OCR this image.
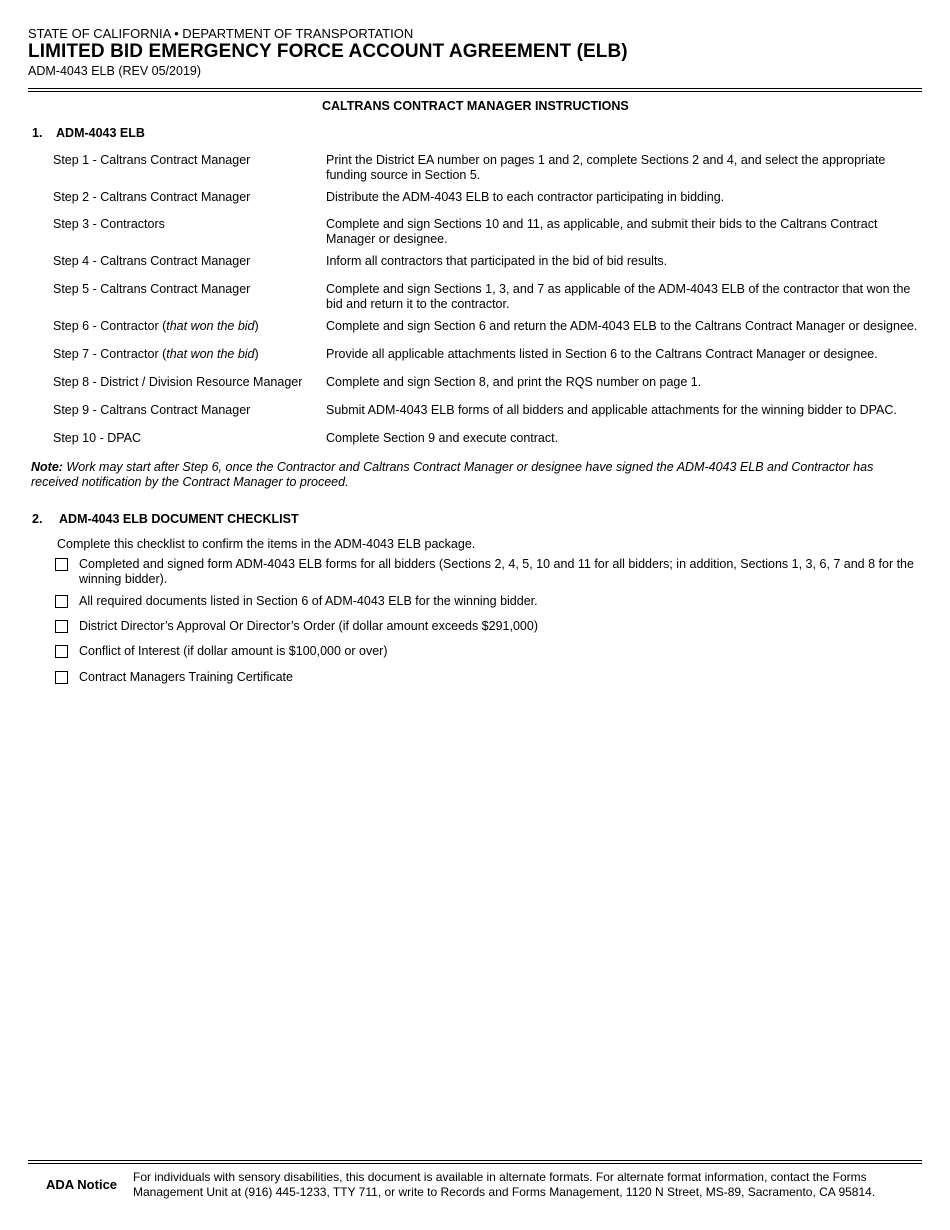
STATE OF CALIFORNIA • DEPARTMENT OF TRANSPORTATION
LIMITED BID EMERGENCY FORCE ACCOUNT AGREEMENT (ELB)
ADM-4043 ELB (REV 05/2019)
CALTRANS CONTRACT MANAGER INSTRUCTIONS
1. ADM-4043 ELB
Step 1 - Caltrans Contract Manager	Print the District EA number on pages 1 and 2, complete Sections 2 and 4, and select the appropriate funding source in Section 5.
Step 2 - Caltrans Contract Manager	Distribute the ADM-4043 ELB to each contractor participating in bidding.
Step 3 - Contractors	Complete and sign Sections 10 and 11, as applicable, and submit their bids to the Caltrans Contract Manager or designee.
Step 4 - Caltrans Contract Manager	Inform all contractors that participated in the bid of bid results.
Step 5 - Caltrans Contract Manager	Complete and sign Sections 1, 3, and 7 as applicable of the ADM-4043 ELB of the contractor that won the bid and return it to the contractor.
Step 6 - Contractor (that won the bid)	Complete and sign Section 6 and return the ADM-4043 ELB to the Caltrans Contract Manager or designee.
Step 7 - Contractor (that won the bid)	Provide all applicable attachments listed in Section 6 to the Caltrans Contract Manager or designee.
Step 8 - District / Division Resource Manager	Complete and sign Section 8, and print the RQS number on page 1.
Step 9 - Caltrans Contract Manager	Submit ADM-4043 ELB forms of all bidders and applicable attachments for the winning bidder to DPAC.
Step 10 - DPAC	Complete Section 9 and execute contract.
Note: Work may start after Step 6, once the Contractor and Caltrans Contract Manager or designee have signed the ADM-4043 ELB and Contractor has received notification by the Contract Manager to proceed.
2. ADM-4043 ELB DOCUMENT CHECKLIST
Complete this checklist to confirm the items in the ADM-4043 ELB package.
Completed and signed form ADM-4043 ELB forms for all bidders (Sections 2, 4, 5, 10 and 11 for all bidders; in addition, Sections 1, 3, 6, 7 and 8 for the winning bidder).
All required documents listed in Section 6 of ADM-4043 ELB for the winning bidder.
District Director’s Approval Or Director’s Order (if dollar amount exceeds $291,000)
Conflict of Interest (if dollar amount is $100,000 or over)
Contract Managers Training Certificate
ADA Notice	For individuals with sensory disabilities, this document is available in alternate formats. For alternate format information, contact the Forms Management Unit at (916) 445-1233, TTY 711, or write to Records and Forms Management, 1120 N Street, MS-89, Sacramento, CA 95814.
